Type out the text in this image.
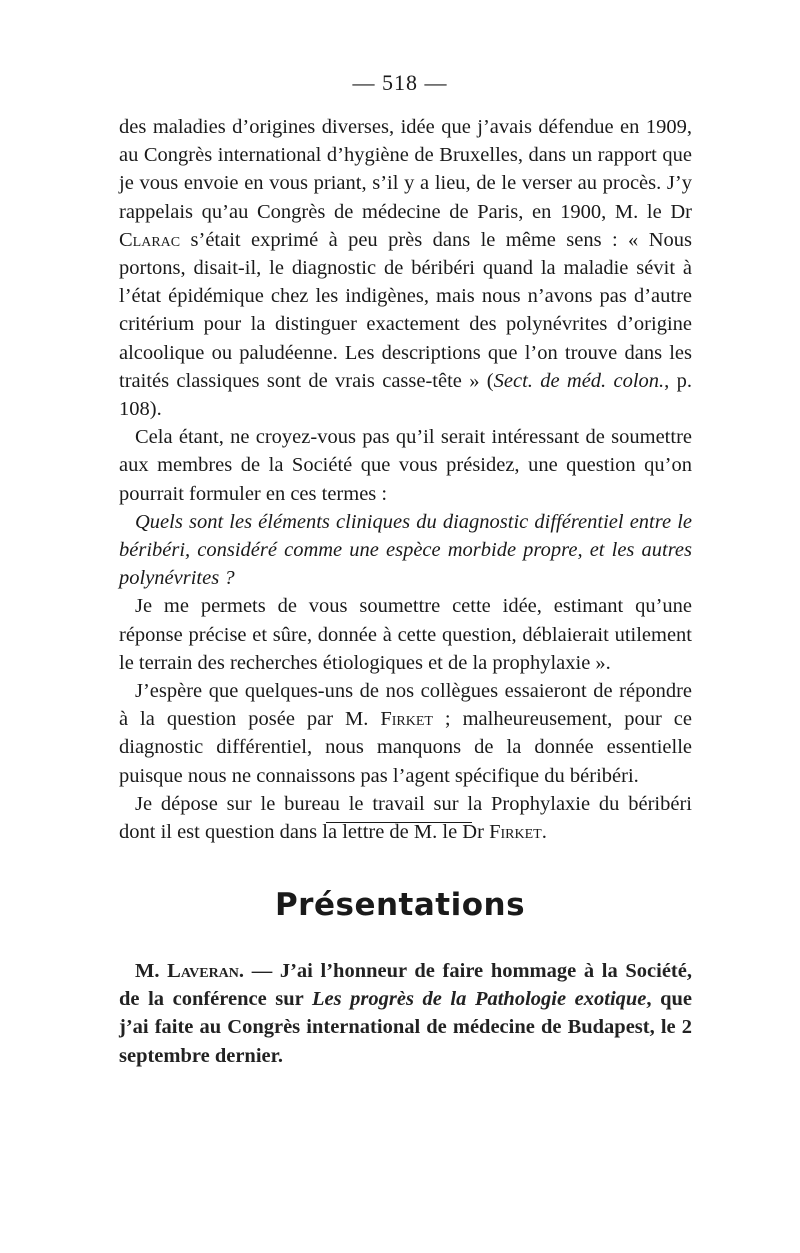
— 518 —

des maladies d’origines diverses, idée que j’avais défendue en 1909, au Congrès international d’hygiène de Bruxelles, dans un rapport que je vous envoie en vous priant, s’il y a lieu, de le verser au procès. J’y rappelais qu’au Congrès de médecine de Paris, en 1900, M. le Dr Clarac s’était exprimé à peu près dans le même sens : « Nous portons, disait-il, le diagnostic de béribéri quand la maladie sévit à l’état épidémique chez les indigènes, mais nous n’avons pas d’autre critérium pour la distinguer exactement des polynévrites d’origine alcoolique ou paludéenne. Les descriptions que l’on trouve dans les traités classiques sont de vrais casse-tête » (Sect. de méd. colon., p. 108).

Cela étant, ne croyez-vous pas qu’il serait intéressant de soumettre aux membres de la Société que vous présidez, une question qu’on pourrait formuler en ces termes :

Quels sont les éléments cliniques du diagnostic différentiel entre le béribéri, considéré comme une espèce morbide propre, et les autres polynévrites ?

Je me permets de vous soumettre cette idée, estimant qu’une réponse précise et sûre, donnée à cette question, déblaierait utilement le terrain des recherches étiologiques et de la prophylaxie ».

J’espère que quelques-uns de nos collègues essaieront de répondre à la question posée par M. Firket ; malheureusement, pour ce diagnostic différentiel, nous manquons de la donnée essentielle puisque nous ne connaissons pas l’agent spécifique du béribéri.

Je dépose sur le bureau le travail sur la Prophylaxie du béribéri dont il est question dans la lettre de M. le Dr Firket.

Présentations

M. Laveran. — J’ai l’honneur de faire hommage à la Société, de la conférence sur Les progrès de la Pathologie exotique, que j’ai faite au Congrès international de médecine de Budapest, le 2 septembre dernier.
